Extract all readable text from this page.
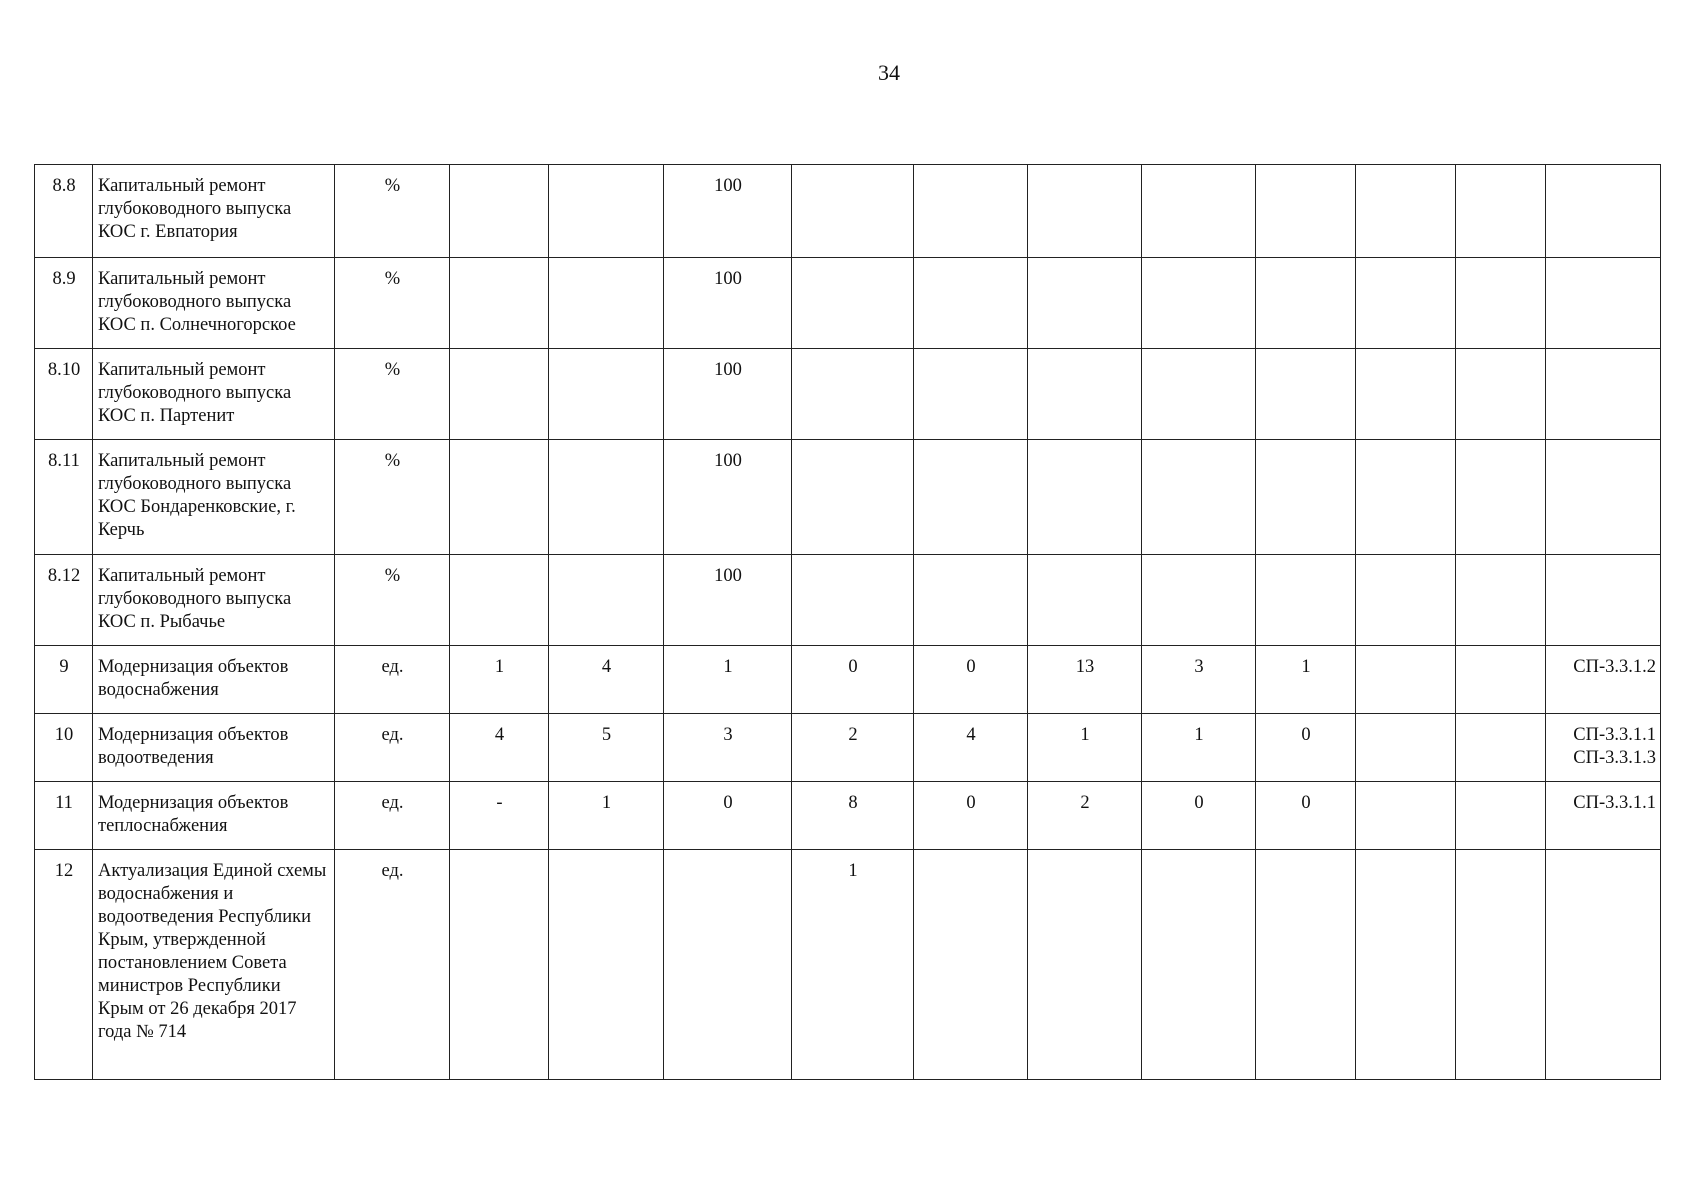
34
8.8	Капитальный ремонт глубоководного выпуска КОС г. Евпатория	%			100								
8.9	Капитальный ремонт глубоководного выпуска КОС п. Солнечногорское	%			100								
8.10	Капитальный ремонт глубоководного выпуска КОС п. Партенит	%			100								
8.11	Капитальный ремонт глубоководного выпуска КОС Бондаренковские, г. Керчь	%			100								
8.12	Капитальный ремонт глубоководного выпуска КОС п. Рыбачье	%			100								
9	Модернизация объектов водоснабжения	ед.	1	4	1	0	0	13	3	1			СП-3.3.1.2

10	Модернизация объектов водоотведения	ед.	4	5	3	2	4	1	1	0			СП-3.3.1.1
СП-3.3.1.3

11	Модернизация объектов теплоснабжения	ед.	-	1	0	8	0	2	0	0			СП-3.3.1.1

12	Актуализация Единой схемы водоснабжения и водоотведения Республики Крым, утвержденной постановлением Совета министров Республики Крым от 26 декабря 2017 года № 714	ед.				1							
